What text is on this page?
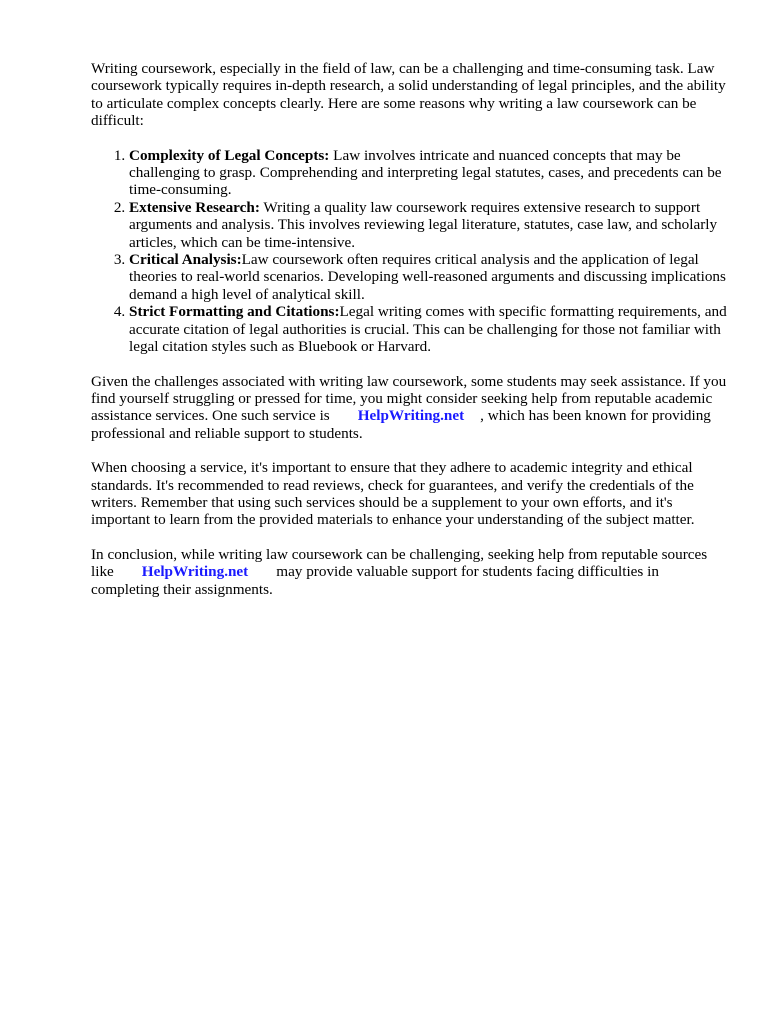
Writing coursework, especially in the field of law, can be a challenging and time-consuming task. Law coursework typically requires in-depth research, a solid understanding of legal principles, and the ability to articulate complex concepts clearly. Here are some reasons why writing a law coursework can be difficult:

1. Complexity of Legal Concepts: Law involves intricate and nuanced concepts that may be challenging to grasp. Comprehending and interpreting legal statutes, cases, and precedents can be time-consuming.
2. Extensive Research: Writing a quality law coursework requires extensive research to support arguments and analysis. This involves reviewing legal literature, statutes, case law, and scholarly articles, which can be time-intensive.
3. Critical Analysis:Law coursework often requires critical analysis and the application of legal theories to real-world scenarios. Developing well-reasoned arguments and discussing implications demand a high level of analytical skill.
4. Strict Formatting and Citations:Legal writing comes with specific formatting requirements, and accurate citation of legal authorities is crucial. This can be challenging for those not familiar with legal citation styles such as Bluebook or Harvard.

Given the challenges associated with writing law coursework, some students may seek assistance. If you find yourself struggling or pressed for time, you might consider seeking help from reputable academic assistance services. One such service is HelpWriting.net , which has been known for providing professional and reliable support to students.

When choosing a service, it's important to ensure that they adhere to academic integrity and ethical standards. It's recommended to read reviews, check for guarantees, and verify the credentials of the writers. Remember that using such services should be a supplement to your own efforts, and it's important to learn from the provided materials to enhance your understanding of the subject matter.

In conclusion, while writing law coursework can be challenging, seeking help from reputable sources like HelpWriting.net may provide valuable support for students facing difficulties in completing their assignments.
